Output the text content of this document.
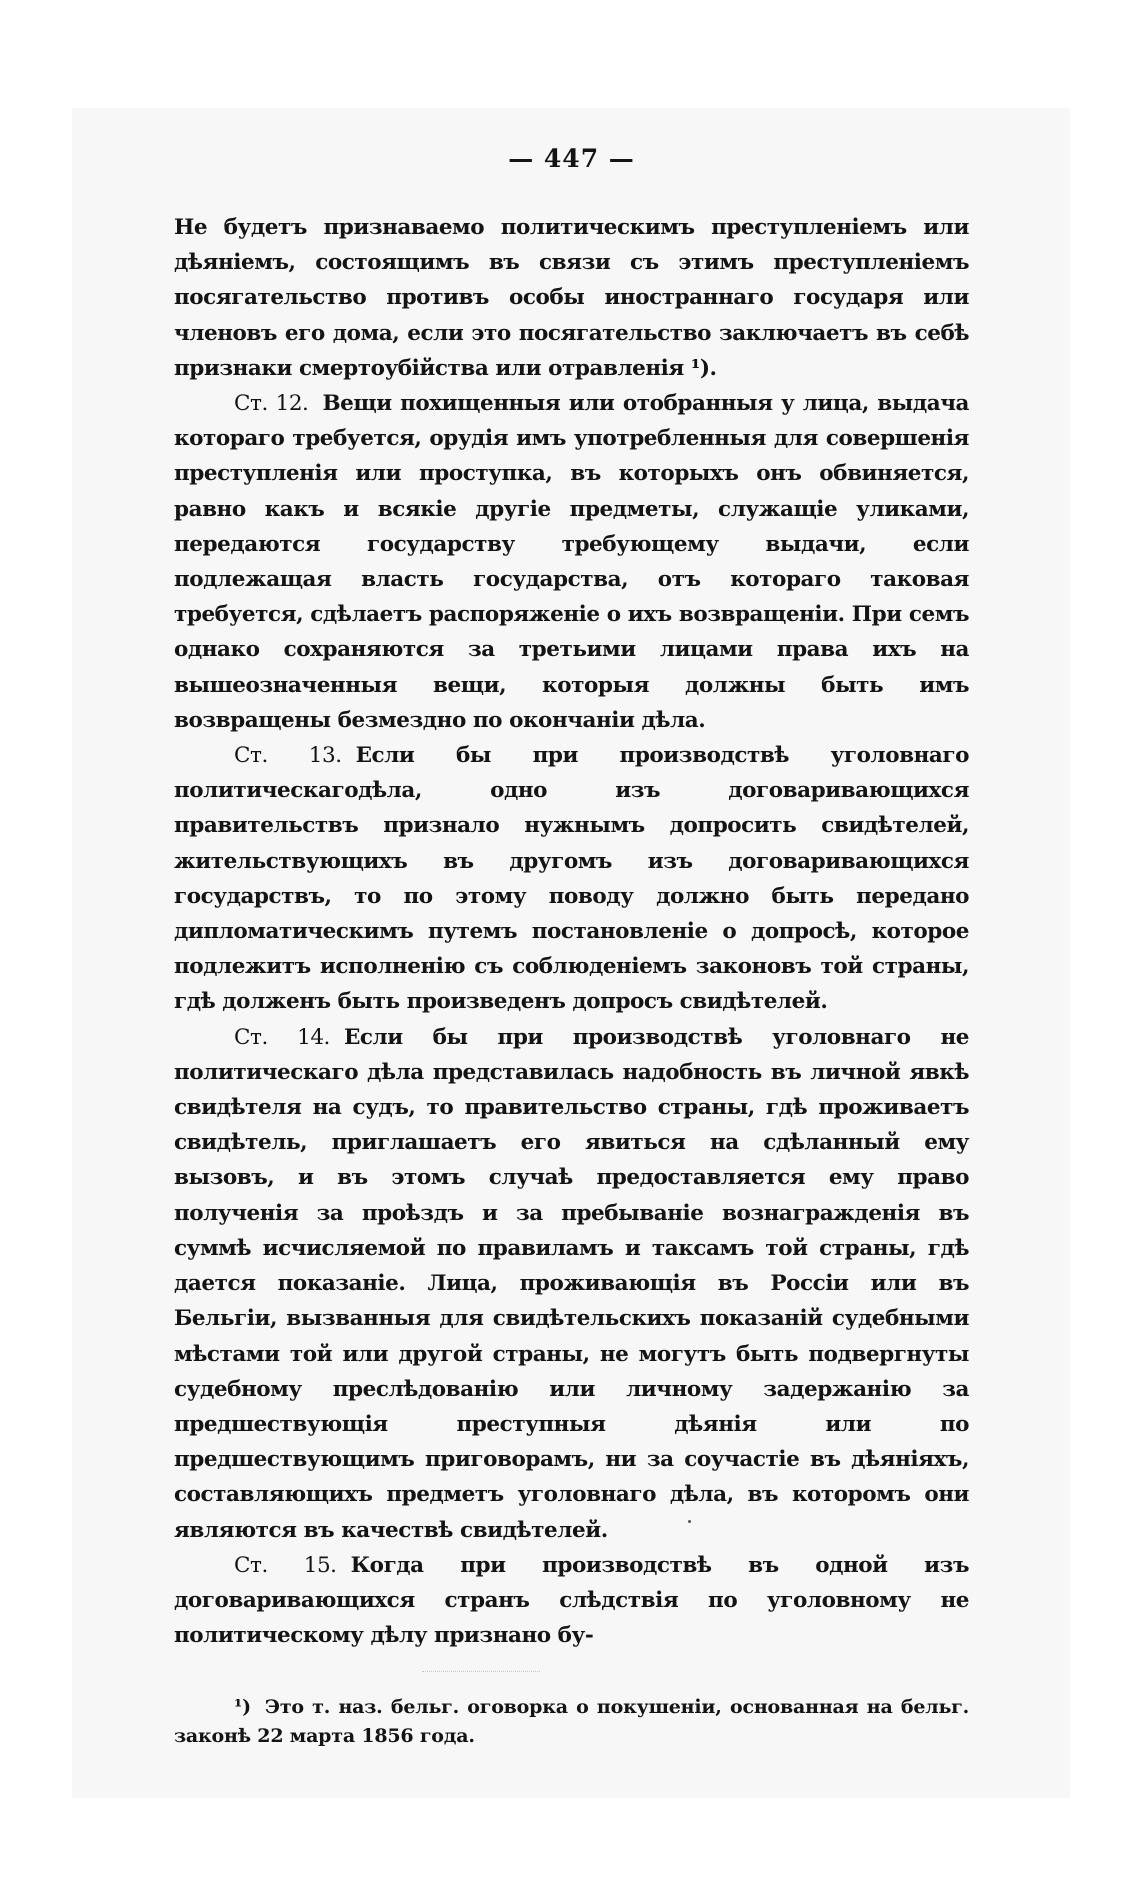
— 447 —

Не будетъ признаваемо политическимъ преступленіемъ или дѣяніемъ, состоящимъ въ связи съ этимъ преступленіемъ посягательство противъ особы иностраннаго государя или членовъ его дома, если это посягательство заключаетъ въ себѣ признаки смертоубійства или отравленія ¹).

Ст. 12. Вещи похищенныя или отобранныя у лица, выдача котораго требуется, орудія имъ употребленныя для совершенія преступленія или проступка, въ которыхъ онъ обвиняется, равно какъ и всякіе другіе предметы, служащіе уликами, передаются государству требующему выдачи, если подлежащая власть государства, отъ котораго таковая требуется, сдѣлаетъ распоряженіе о ихъ возвращеніи. При семъ однако сохраняются за третьими лицами права ихъ на вышеозначенныя вещи, которыя должны быть имъ возвращены безмездно по окончаніи дѣла.

Ст. 13. Если бы при производствѣ уголовнаго политическагодѣла, одно изъ договаривающихся правительствъ признало нужнымъ допросить свидѣтелей, жительствующихъ въ другомъ изъ договаривающихся государствъ, то по этому поводу должно быть передано дипломатическимъ путемъ постановленіе о допросѣ, которое подлежитъ исполненію съ соблюденіемъ законовъ той страны, гдѣ долженъ быть произведенъ допросъ свидѣтелей.

Ст. 14. Если бы при производствѣ уголовнаго не политическаго дѣла представилась надобность въ личной явкѣ свидѣтеля на судъ, то правительство страны, гдѣ проживаетъ свидѣтель, приглашаетъ его явиться на сдѣланный ему вызовъ, и въ этомъ случаѣ предоставляется ему право полученія за проѣздъ и за пребываніе вознагражденія въ суммѣ исчисляемой по правиламъ и таксамъ той страны, гдѣ дается показаніе. Лица, проживающія въ Россіи или въ Бельгіи, вызванныя для свидѣтельскихъ показаній судебными мѣстами той или другой страны, не могутъ быть подвергнуты судебному преслѣдованію или личному задержанію за предшествующія преступныя дѣянія или по предшествующимъ приговорамъ, ни за соучастіе въ дѣяніяхъ, составляющихъ предметъ уголовнаго дѣла, въ которомъ они являются въ качествѣ свидѣтелей.

Ст. 15. Когда при производствѣ въ одной изъ договаривающихся странъ слѣдствія по уголовному не политическому дѣлу признано бу-

¹) Это т. наз. бельг. оговорка о покушеніи, основанная на бельг. законѣ 22 марта 1856 года.
